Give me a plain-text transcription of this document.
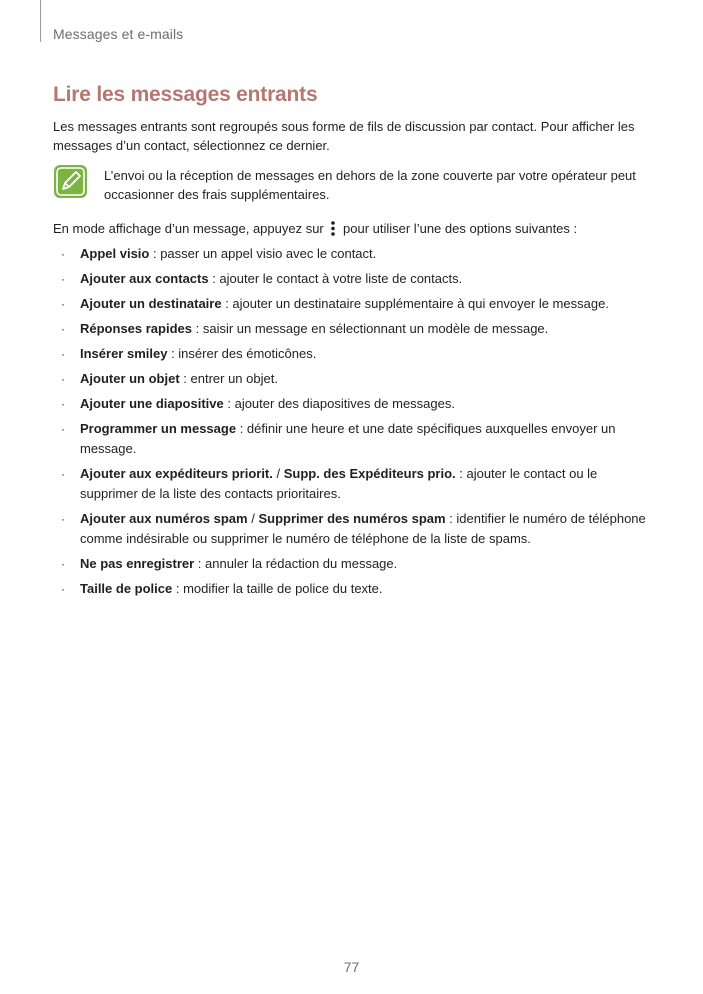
Messages et e-mails
Lire les messages entrants

Les messages entrants sont regroupés sous forme de fils de discussion par contact. Pour afficher les messages d’un contact, sélectionnez ce dernier.

L’envoi ou la réception de messages en dehors de la zone couverte par votre opérateur peut occasionner des frais supplémentaires.

En mode affichage d’un message, appuyez sur  pour utiliser l’une des options suivantes :

· Appel visio : passer un appel visio avec le contact.
· Ajouter aux contacts : ajouter le contact à votre liste de contacts.
· Ajouter un destinataire : ajouter un destinataire supplémentaire à qui envoyer le message.
· Réponses rapides : saisir un message en sélectionnant un modèle de message.
· Insérer smiley : insérer des émoticônes.
· Ajouter un objet : entrer un objet.
· Ajouter une diapositive : ajouter des diapositives de messages.
· Programmer un message : définir une heure et une date spécifiques auxquelles envoyer un message.
· Ajouter aux expéditeurs priorit. / Supp. des Expéditeurs prio. : ajouter le contact ou le supprimer de la liste des contacts prioritaires.
· Ajouter aux numéros spam / Supprimer des numéros spam : identifier le numéro de téléphone comme indésirable ou supprimer le numéro de téléphone de la liste de spams.
· Ne pas enregistrer : annuler la rédaction du message.
· Taille de police : modifier la taille de police du texte.
77
